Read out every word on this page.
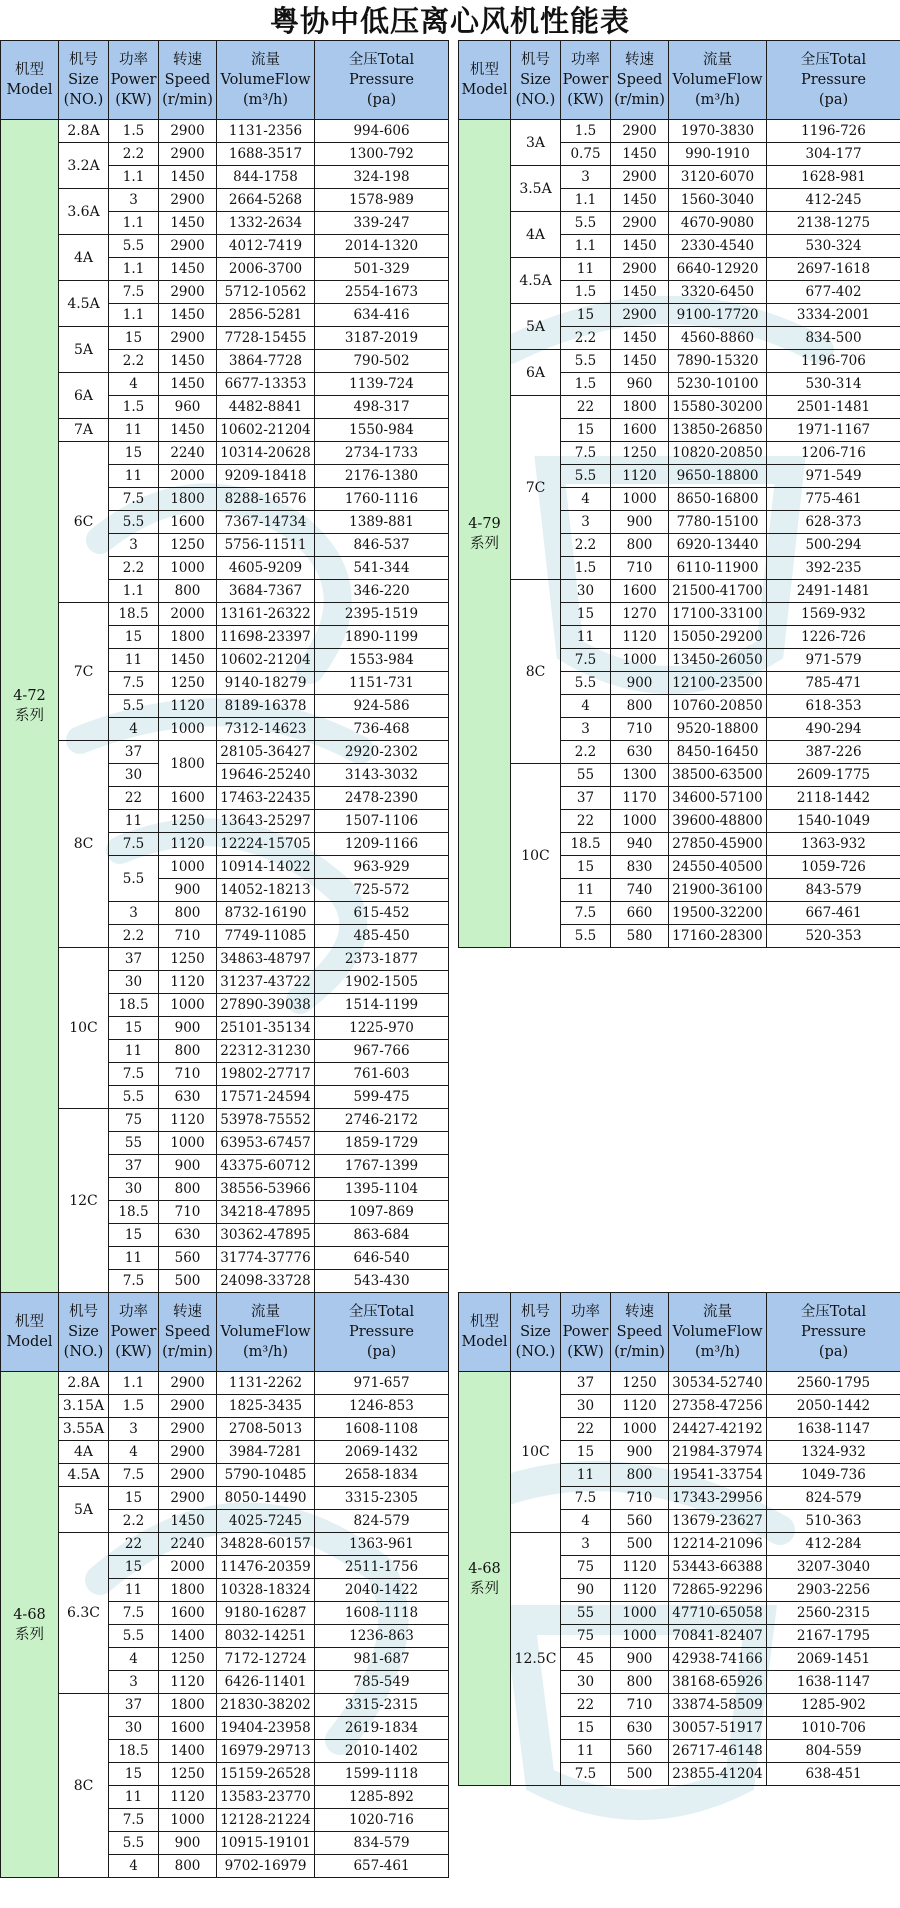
粤协中低压离心风机性能表
机型
Model	机号
Size
(NO.)	功率
Power
(KW)	转速
Speed
(r/min)	流量
VolumeFlow
(m³/h)	全压Total
Pressure
(pa)
4-72
系列	2.8A	1.5	2900	1131-2356	994-606
	3.2A	2.2	2900	1688-3517	1300-792
		1.1	1450	844-1758	324-198
	3.6A	3	2900	2664-5268	1578-989
		1.1	1450	1332-2634	339-247
	4A	5.5	2900	4012-7419	2014-1320
		1.1	1450	2006-3700	501-329
	4.5A	7.5	2900	5712-10562	2554-1673
		1.1	1450	2856-5281	634-416
	5A	15	2900	7728-15455	3187-2019
		2.2	1450	3864-7728	790-502
	6A	4	1450	6677-13353	1139-724
		1.5	960	4482-8841	498-317
	7A	11	1450	10602-21204	1550-984
	6C	15	2240	10314-20628	2734-1733
		11	2000	9209-18418	2176-1380
		7.5	1800	8288-16576	1760-1116
		5.5	1600	7367-14734	1389-881
		3	1250	5756-11511	846-537
		2.2	1000	4605-9209	541-344
		1.1	800	3684-7367	346-220
	7C	18.5	2000	13161-26322	2395-1519
		15	1800	11698-23397	1890-1199
		11	1450	10602-21204	1553-984
		7.5	1250	9140-18279	1151-731
		5.5	1120	8189-16378	924-586
		4	1000	7312-14623	736-468
	8C	37	1800	28105-36427	2920-2302
		30		19646-25240	3143-3032
		22	1600	17463-22435	2478-2390
		11	1250	13643-25297	1507-1106
		7.5	1120	12224-15705	1209-1166
		5.5	1000	10914-14022	963-929
			900	14052-18213	725-572
		3	800	8732-16190	615-452
		2.2	710	7749-11085	485-450
	10C	37	1250	34863-48797	2373-1877
		30	1120	31237-43722	1902-1505
		18.5	1000	27890-39038	1514-1199
		15	900	25101-35134	1225-970
		11	800	22312-31230	967-766
		7.5	710	19802-27717	761-603
		5.5	630	17571-24594	599-475
	12C	75	1120	53978-75552	2746-2172
		55	1000	63953-67457	1859-1729
		37	900	43375-60712	1767-1399
		30	800	38556-53966	1395-1104
		18.5	710	34218-47895	1097-869
		15	630	30362-47895	863-684
		11	560	31774-37776	646-540
		7.5	500	24098-33728	543-430
机型
Model	机号
Size
(NO.)	功率
Power
(KW)	转速
Speed
(r/min)	流量
VolumeFlow
(m³/h)	全压Total
Pressure
(pa)
4-79
系列	3A	1.5	2900	1970-3830	1196-726
		0.75	1450	990-1910	304-177
	3.5A	3	2900	3120-6070	1628-981
		1.1	1450	1560-3040	412-245
	4A	5.5	2900	4670-9080	2138-1275
		1.1	1450	2330-4540	530-324
	4.5A	11	2900	6640-12920	2697-1618
		1.5	1450	3320-6450	677-402
	5A	15	2900	9100-17720	3334-2001
		2.2	1450	4560-8860	834-500
	6A	5.5	1450	7890-15320	1196-706
		1.5	960	5230-10100	530-314
	7C	22	1800	15580-30200	2501-1481
		15	1600	13850-26850	1971-1167
		7.5	1250	10820-20850	1206-716
		5.5	1120	9650-18800	971-549
		4	1000	8650-16800	775-461
		3	900	7780-15100	628-373
		2.2	800	6920-13440	500-294
		1.5	710	6110-11900	392-235
	8C	30	1600	21500-41700	2491-1481
		15	1270	17100-33100	1569-932
		11	1120	15050-29200	1226-726
		7.5	1000	13450-26050	971-579
		5.5	900	12100-23500	785-471
		4	800	10760-20850	618-353
		3	710	9520-18800	490-294
		2.2	630	8450-16450	387-226
	10C	55	1300	38500-63500	2609-1775
		37	1170	34600-57100	2118-1442
		22	1000	39600-48800	1540-1049
		18.5	940	27850-45900	1363-932
		15	830	24550-40500	1059-726
		11	740	21900-36100	843-579
		7.5	660	19500-32200	667-461
		5.5	580	17160-28300	520-353
机型
Model	机号
Size
(NO.)	功率
Power
(KW)	转速
Speed
(r/min)	流量
VolumeFlow
(m³/h)	全压Total
Pressure
(pa)
4-68
系列	2.8A	1.1	2900	1131-2262	971-657
	3.15A	1.5	2900	1825-3435	1246-853
	3.55A	3	2900	2708-5013	1608-1108
	4A	4	2900	3984-7281	2069-1432
	4.5A	7.5	2900	5790-10485	2658-1834
	5A	15	2900	8050-14490	3315-2305
		2.2	1450	4025-7245	824-579
	6.3C	22	2240	34828-60157	1363-961
		15	2000	11476-20359	2511-1756
		11	1800	10328-18324	2040-1422
		7.5	1600	9180-16287	1608-1118
		5.5	1400	8032-14251	1236-863
		4	1250	7172-12724	981-687
		3	1120	6426-11401	785-549
	8C	37	1800	21830-38202	3315-2315
		30	1600	19404-23958	2619-1834
		18.5	1400	16979-29713	2010-1402
		15	1250	15159-26528	1599-1118
		11	1120	13583-23770	1285-892
		7.5	1000	12128-21224	1020-716
		5.5	900	10915-19101	834-579
		4	800	9702-16979	657-461
机型
Model	机号
Size
(NO.)	功率
Power
(KW)	转速
Speed
(r/min)	流量
VolumeFlow
(m³/h)	全压Total
Pressure
(pa)
4-68
系列	10C	37	1250	30534-52740	2560-1795
		30	1120	27358-47256	2050-1442
		22	1000	24427-42192	1638-1147
		15	900	21984-37974	1324-932
		11	800	19541-33754	1049-736
		7.5	710	17343-29956	824-579
		4	560	13679-23627	510-363
	12.5C	3	500	12214-21096	412-284
		75	1120	53443-66388	3207-3040
		90	1120	72865-92296	2903-2256
		55	1000	47710-65058	2560-2315
		75	1000	70841-82407	2167-1795
		45	900	42938-74166	2069-1451
		30	800	38168-65926	1638-1147
		22	710	33874-58509	1285-902
		15	630	30057-51917	1010-706
		11	560	26717-46148	804-559
		7.5	500	23855-41204	638-451
